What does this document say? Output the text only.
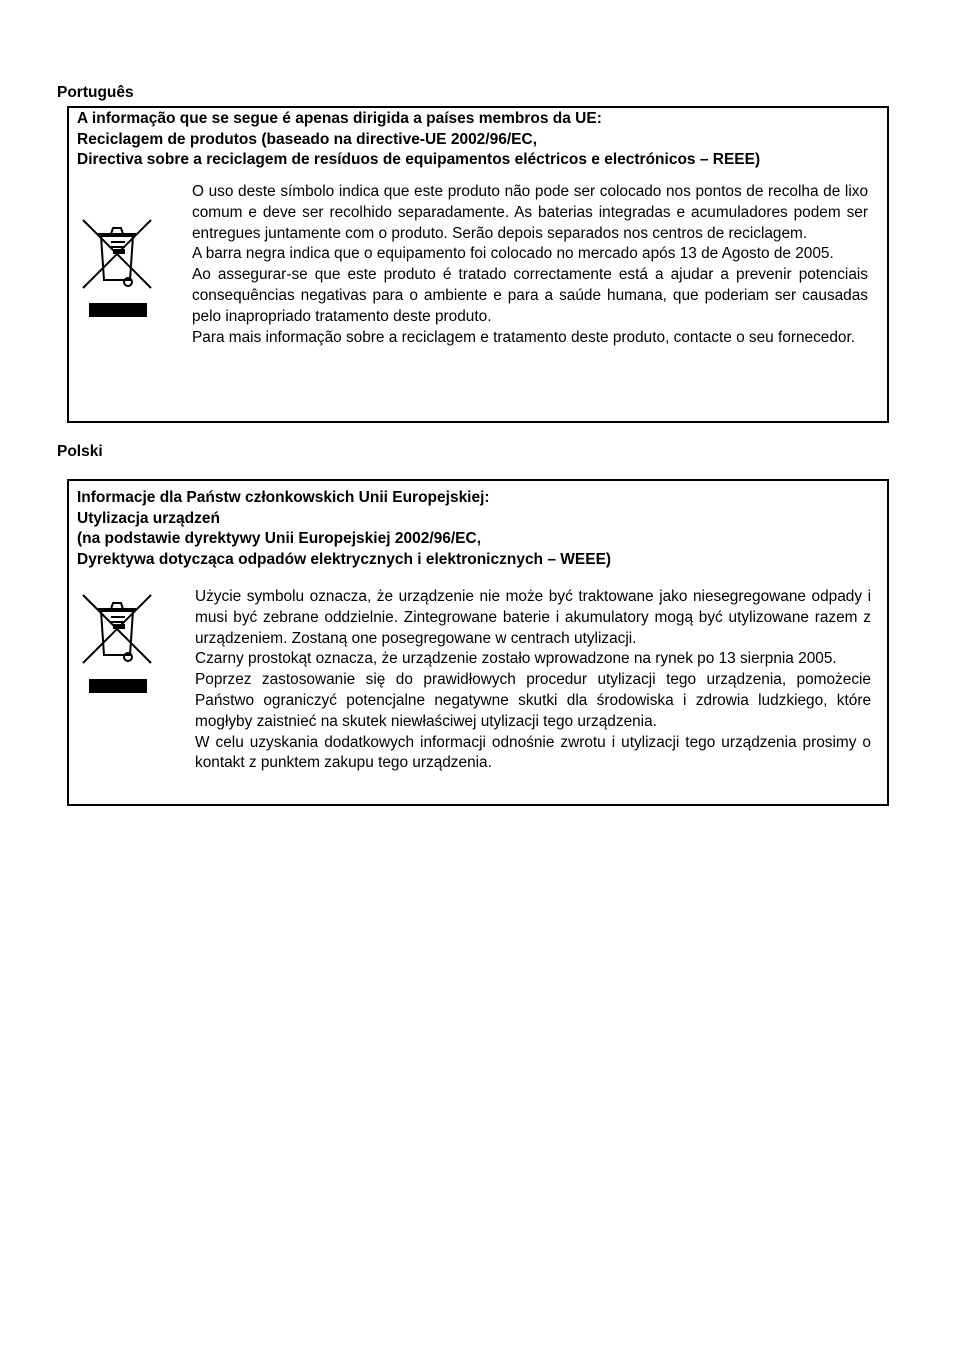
Português
A informação que se segue é apenas dirigida a países membros da UE:
Reciclagem de produtos (baseado na directive-UE 2002/96/EC,
Directiva sobre a reciclagem de resíduos de equipamentos eléctricos e electrónicos – REEE)

O uso deste símbolo indica que este produto não pode ser colocado nos pontos de recolha de lixo comum e deve ser recolhido separadamente. As baterias integradas e acumuladores podem ser entregues juntamente com o produto. Serão depois separados nos centros de reciclagem.

A barra negra indica que o equipamento foi colocado no mercado após 13 de Agosto de 2005.

Ao assegurar-se que este produto é tratado correctamente está a ajudar a prevenir potenciais consequências negativas para o ambiente e para a saúde humana, que poderiam ser causadas pelo inapropriado tratamento deste produto.

Para mais informação sobre a reciclagem e tratamento deste produto, contacte o seu fornecedor.

Polski
Informacje dla Państw członkowskich Unii Europejskiej:
Utylizacja urządzeń
(na podstawie dyrektywy Unii Europejskiej 2002/96/EC,
Dyrektywa dotycząca odpadów elektrycznych i elektronicznych – WEEE)

Użycie symbolu oznacza, że urządzenie nie może być traktowane jako niesegregowane odpady i musi być zebrane oddzielnie. Zintegrowane baterie i akumulatory mogą być utylizowane razem z urządzeniem. Zostaną one posegregowane w centrach utylizacji.

Czarny prostokąt oznacza, że urządzenie zostało wprowadzone na rynek po 13 sierpnia 2005.

Poprzez zastosowanie się do prawidłowych procedur utylizacji tego urządzenia, pomożecie Państwo ograniczyć potencjalne negatywne skutki dla środowiska i zdrowia ludzkiego, które mogłyby zaistnieć na skutek niewłaściwej utylizacji tego urządzenia.

W celu uzyskania dodatkowych informacji odnośnie zwrotu i utylizacji tego urządzenia prosimy o kontakt z punktem zakupu tego urządzenia.
